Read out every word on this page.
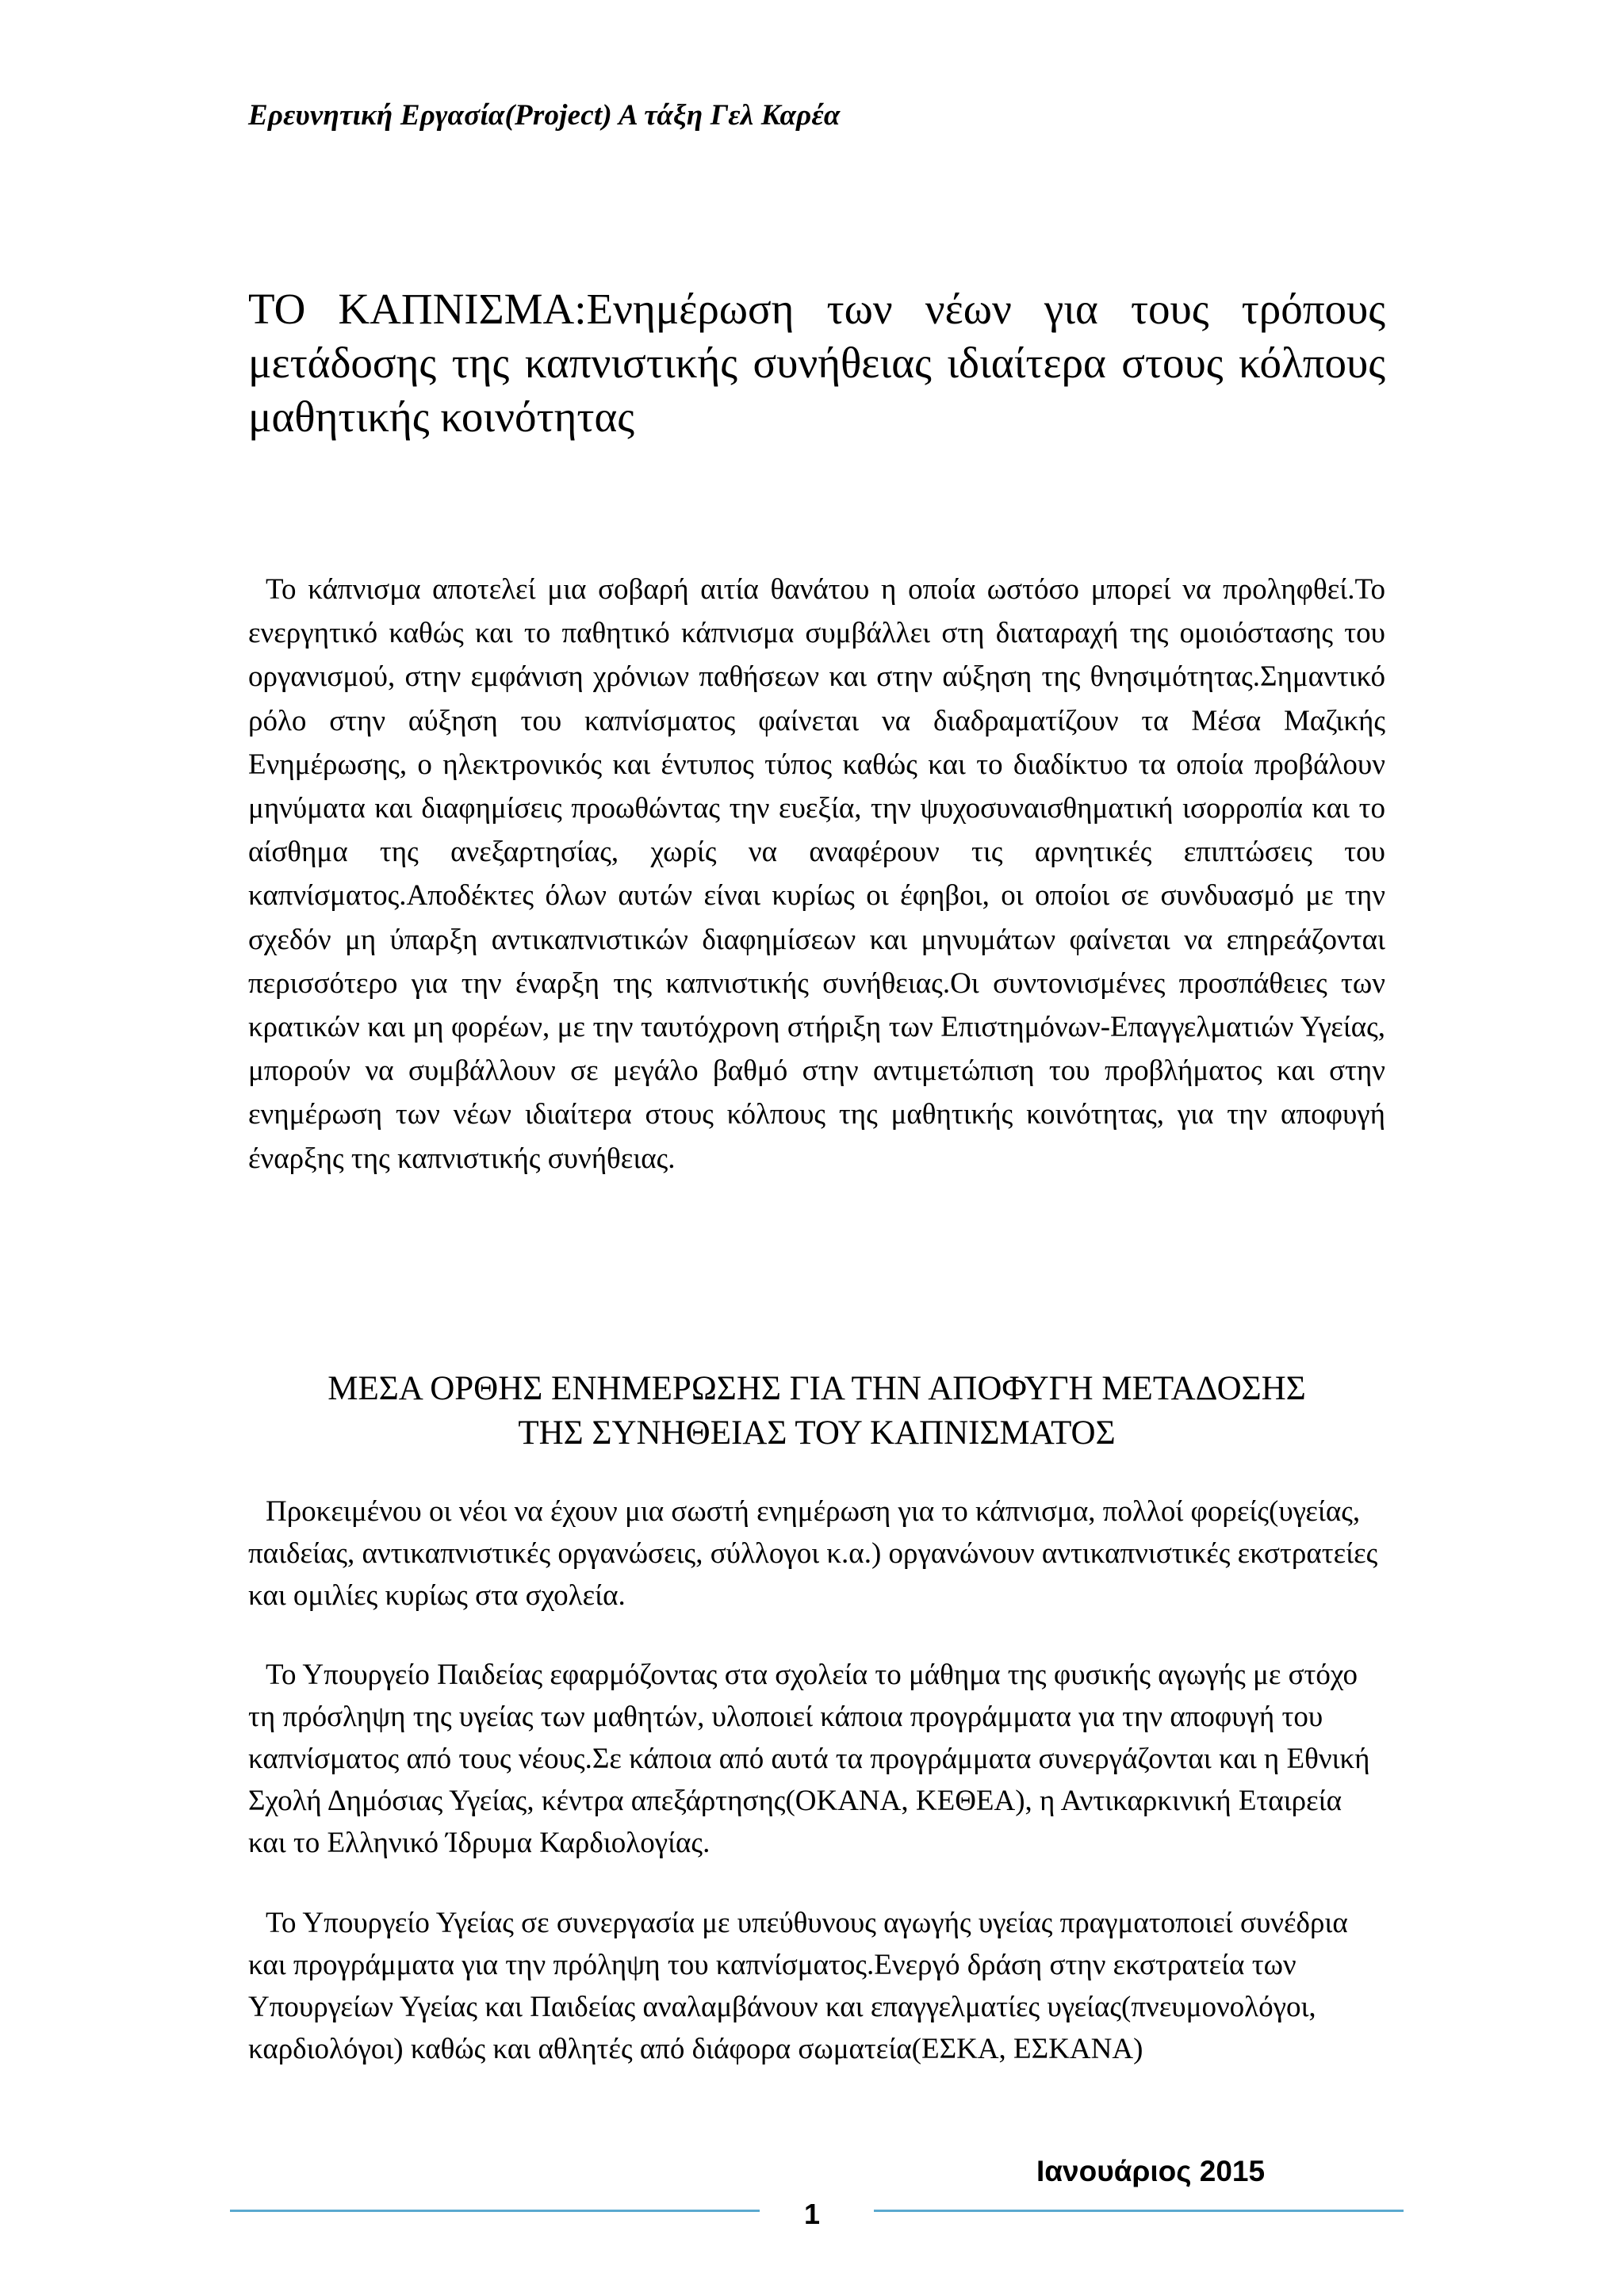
Ερευνητική Εργασία(Project) Α τάξη Γελ Καρέα
ΤΟ ΚΑΠΝΙΣΜΑ:Ενημέρωση των νέων για τους τρόπους μετάδοσης της καπνιστικής συνήθειας ιδιαίτερα στους κόλπους μαθητικής κοινότητας

Το κάπνισμα αποτελεί μια σοβαρή αιτία θανάτου η οποία ωστόσο μπορεί να προληφθεί.Το ενεργητικό καθώς και το παθητικό κάπνισμα συμβάλλει στη διαταραχή της ομοιόστασης του οργανισμού, στην εμφάνιση χρόνιων παθήσεων και στην αύξηση της θνησιμότητας.Σημαντικό ρόλο στην αύξηση του καπνίσματος φαίνεται να διαδραματίζουν τα Μέσα Μαζικής Ενημέρωσης, ο ηλεκτρονικός και έντυπος τύπος καθώς και το διαδίκτυο τα οποία προβάλουν μηνύματα και διαφημίσεις προωθώντας την ευεξία, την ψυχοσυναισθηματική ισορροπία και το αίσθημα της ανεξαρτησίας, χωρίς να αναφέρουν τις αρνητικές επιπτώσεις του καπνίσματος.Αποδέκτες όλων αυτών είναι κυρίως οι έφηβοι, οι οποίοι σε συνδυασμό με την σχεδόν μη ύπαρξη αντικαπνιστικών διαφημίσεων και μηνυμάτων φαίνεται να επηρεάζονται περισσότερο για την έναρξη της καπνιστικής συνήθειας.Οι συντονισμένες προσπάθειες των κρατικών και μη φορέων, με την ταυτόχρονη στήριξη των Επιστημόνων-Επαγγελματιών Υγείας, μπορούν να συμβάλλουν σε μεγάλο βαθμό στην αντιμετώπιση του προβλήματος και στην ενημέρωση των νέων ιδιαίτερα στους κόλπους της μαθητικής κοινότητας, για την αποφυγή έναρξης της καπνιστικής συνήθειας.

ΜΕΣΑ ΟΡΘΗΣ ΕΝΗΜΕΡΩΣΗΣ ΓΙΑ ΤΗΝ ΑΠΟΦΥΓΗ ΜΕΤΑΔΟΣΗΣ
ΤΗΣ ΣΥΝΗΘΕΙΑΣ ΤΟΥ ΚΑΠΝΙΣΜΑΤΟΣ

Προκειμένου οι νέοι να έχουν μια σωστή ενημέρωση για το κάπνισμα, πολλοί φορείς(υγείας, παιδείας, αντικαπνιστικές οργανώσεις, σύλλογοι κ.α.) οργανώνουν αντικαπνιστικές εκστρατείες και ομιλίες κυρίως στα σχολεία.

Το Υπουργείο Παιδείας εφαρμόζοντας στα σχολεία το μάθημα της φυσικής αγωγής με στόχο τη πρόσληψη της υγείας των μαθητών, υλοποιεί κάποια προγράμματα για την αποφυγή του καπνίσματος από τους νέους.Σε κάποια από αυτά τα προγράμματα συνεργάζονται και η Εθνική Σχολή Δημόσιας Υγείας, κέντρα απεξάρτησης(ΟΚΑΝΑ, ΚΕΘΕΑ), η Αντικαρκινική Εταιρεία και το Ελληνικό Ίδρυμα Καρδιολογίας.

Το Υπουργείο Υγείας σε συνεργασία με υπεύθυνους αγωγής υγείας πραγματοποιεί συνέδρια και προγράμματα για την πρόληψη του καπνίσματος.Ενεργό δράση στην εκστρατεία των Υπουργείων Υγείας και Παιδείας αναλαμβάνουν και επαγγελματίες υγείας(πνευμονολόγοι, καρδιολόγοι) καθώς και αθλητές από διάφορα σωματεία(ΕΣΚΑ, ΕΣΚΑΝΑ)

1
Ιανουάριος 2015
